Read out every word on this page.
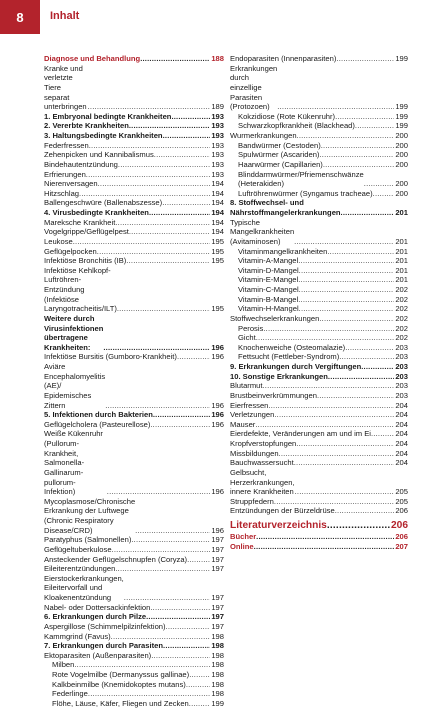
8	Inhalt
Diagnose und Behandlung .....	188
Kranke und verletzte Tiere separat unterbringen .....	189
1. Embryonal bedingte Krankheiten .....	193
2. Vererbte Krankheiten .....	193
3. Haltungsbedingte Krankheiten .....	193
Federfressen .....	193
Zehenpicken und Kannibalismus .....	193
Bindehautentzündung .....	193
Erfrierungen .....	193
Nierenversagen .....	194
Hitzschlag .....	194
Ballengeschwüre (Ballenabszesse) .....	194
4. Virusbedingte Krankheiten .....	194
Mareksche Krankheit .....	194
Vogelgrippe/Geflügelpest .....	194
Leukose .....	195
Geflügelpocken .....	195
Infektiöse Bronchitis (IB) .....	195
Infektiöse Kehlkopf-Luftröhren-Entzündung (Infektiöse Laryngotracheitis/ILT) .....	195
Weitere durch Virusinfektionen übertragene Krankheiten: .....	196
Infektiöse Bursitis (Gumboro-Krankheit) .....	196
Aviäre Encephalomyelitis (AE)/ Epidemisches Zittern .....	196
5. Infektionen durch Bakterien .....	196
Geflügelcholera (Pasteurellose) .....	196
Weiße Kükenruhr (Pullorum-Krankheit, Salmonella-Gallinarum-pullorum-Infektion) .....	196
Mycoplasmose/Chronische Erkrankung der Luftwege (Chronic Respiratory Disease/CRD) .....	196
Paratyphus (Salmonellen) .....	197
Geflügeltuberkulose .....	197
Ansteckender Geflügelschnupfen (Coryza) .....	197
Eileiterentzündungen .....	197
Eierstockerkrankungen, Eileitervorfall und Kloakenentzündung .....	197
Nabel- oder Dottersackinfektion .....	197
6. Erkrankungen durch Pilze .....	197
Aspergillose (Schimmelpilzinfektion) .....	197
Kammgrind (Favus) .....	198
7. Erkrankungen durch Parasiten .....	198
Ektoparasiten (Außenparasiten) .....	198
Milben .....	198
Rote Vogelmilbe (Dermanyssus gallinae) .....	198
Kalkbeinmilbe (Knemidokoptes mutans) .....	198
Federlinge .....	198
Flöhe, Läuse, Käfer, Fliegen und Zecken .....	199
Endoparasiten (Innenparasiten) .....	199
Erkrankungen durch einzellige Parasiten (Protozoen) .....	199
Kokzidiose (Rote Kükenruhr) .....	199
Schwarzkopfkrankheit (Blackhead) .....	199
Wurmerkrankungen .....	200
Bandwürmer (Cestoden) .....	200
Spulwürmer (Ascariden) .....	200
Haarwürmer (Capillarien) .....	200
Blinddarmwürmer/Pfriemenschwänze (Heterakiden) .....	200
Luftröhrenwürmer (Syngamus tracheae) .....	200
8. Stoffwechsel- und Nährstoffmangelerkrankungen .....	201
Typische Mangelkrankheiten (Avitaminosen) .....	201
Vitaminmangelkrankheiten .....	201
Vitamin-A-Mangel .....	201
Vitamin-D-Mangel .....	201
Vitamin-E-Mangel .....	201
Vitamin-C-Mangel .....	202
Vitamin-B-Mangel .....	202
Vitamin-H-Mangel .....	202
Stoffwechselerkrankungen .....	202
Perosis .....	202
Gicht .....	202
Knochenweiche (Osteomalazie) .....	203
Fettsucht (Fettleber-Syndrom) .....	203
9. Erkrankungen durch Vergiftungen .....	203
10. Sonstige Erkrankungen .....	203
Blutarmut .....	203
Brustbeinverkrümmungen .....	203
Eierfressen .....	204
Verletzungen .....	204
Mauser .....	204
Eierdefekte, Veränderungen am und im Ei .....	204
Kropfverstopfungen .....	204
Missbildungen .....	204
Bauchwassersucht .....	204
Gelbsucht, Herzerkrankungen, innere Krankheiten .....	205
Struppfedern .....	205
Entzündungen der Bürzeldrüse .....	206
Literaturverzeichnis .....	206
Bücher .....	206
Online .....	207
